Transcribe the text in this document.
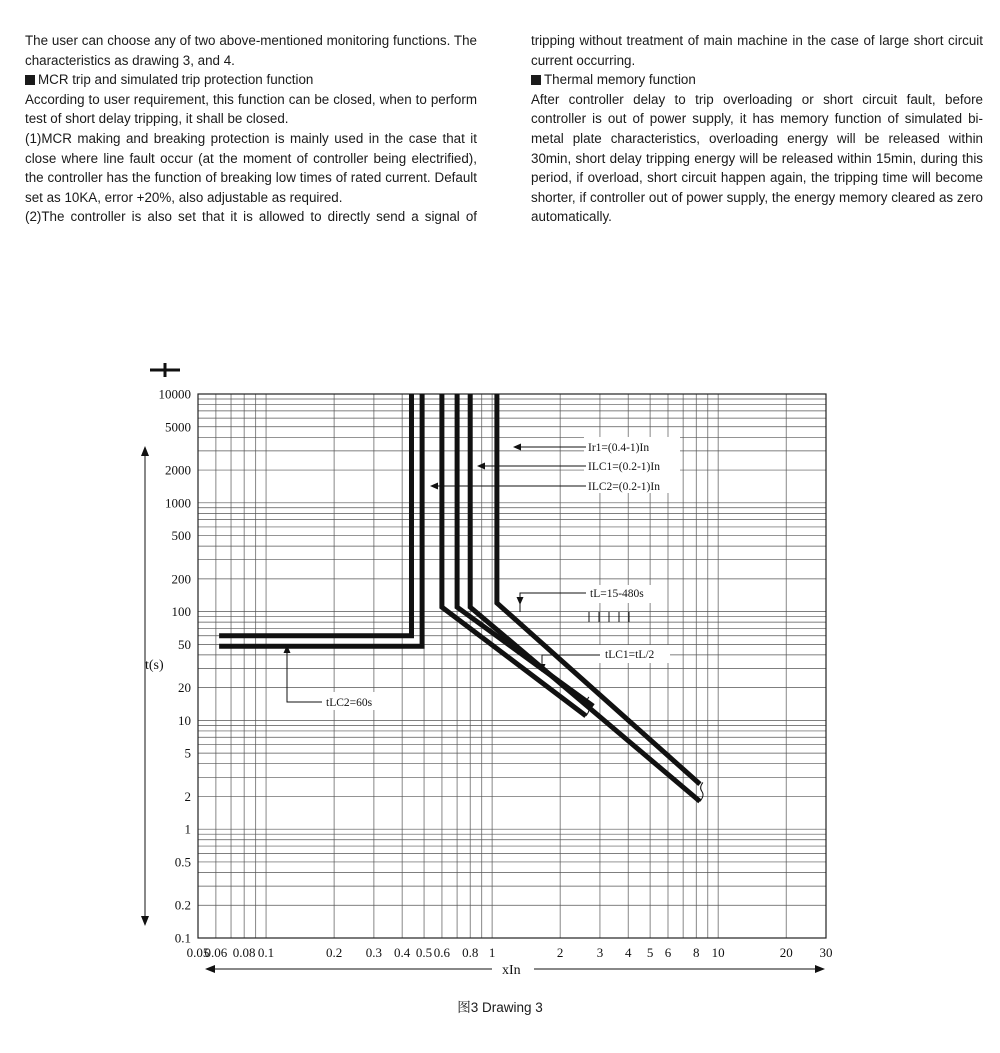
The user can choose any of two above-mentioned monitoring functions. The characteristics as drawing 3, and 4.

MCR trip and simulated trip protection function

According to user requirement, this function can be closed, when to perform test of short delay tripping, it shall be closed.

(1)MCR making and breaking protection is mainly used in the case that it close where line fault occur (at the moment of controller being electrified), the controller has the function of breaking low times of rated current. Default set as 10KA, error +20%, also adjustable as required.

(2)The controller is also set that it is allowed to directly send a signal of

tripping without treatment of main machine in the case of large short circuit current occurring.

Thermal memory function

After controller delay to trip overloading or short circuit fault, before controller is out of power supply, it has memory function of simulated bi-metal plate characteristics, overloading energy will be released within 30min, short delay tripping energy will be released within 15min, during this period, if overload, short circuit happen again, the tripping time will become shorter, if controller out of power supply, the energy memory cleared as zero automatically.

Ir1=(0.4-1)In
ILC1=(0.2-1)In
ILC2=(0.2-1)In
tL=15-480s
tLC1=tL/2
tLC2=60s
0.05
0.06 0.08 0.1	0.2 0.3 0.4 0.5 0.6 0.8 1	2	3 4 5 6 8 10	20 30
10000
5000
2000
1000
500
200
100
50
20
10
5
2
1
0.5
0.2
0.1
t(s)
xIn
图3 Drawing 3
